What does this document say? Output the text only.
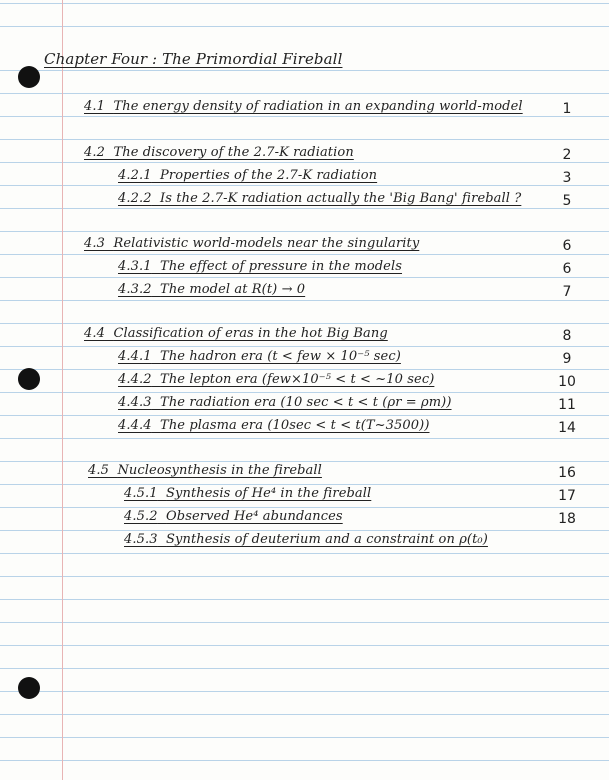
Chapter Four : The Primordial Fireball
4.1 The energy density of radiation in an expanding world-model	1
4.2 The discovery of the 2.7-K radiation	2
4.2.1 Properties of the 2.7-K radiation	3
4.2.2 Is the 2.7-K radiation actually the 'Big Bang' fireball ?	5
4.3 Relativistic world-models near the singularity	6
4.3.1 The effect of pressure in the models	6
4.3.2 The model at R(t) → 0	7
4.4 Classification of eras in the hot Big Bang	8
4.4.1 The hadron era (t < few × 10⁻⁵ sec)	9
4.4.2 The lepton era (few×10⁻⁵ < t < ~10 sec)	10
4.4.3 The radiation era (10 sec < t < t (ρr = ρm))	11
4.4.4 The plasma era (10sec < t < t(T~3500))	14
4.5 Nucleosynthesis in the fireball	16
4.5.1 Synthesis of He⁴ in the fireball	17
4.5.2 Observed He⁴ abundances	18
4.5.3 Synthesis of deuterium and a constraint on ρ(t₀)
